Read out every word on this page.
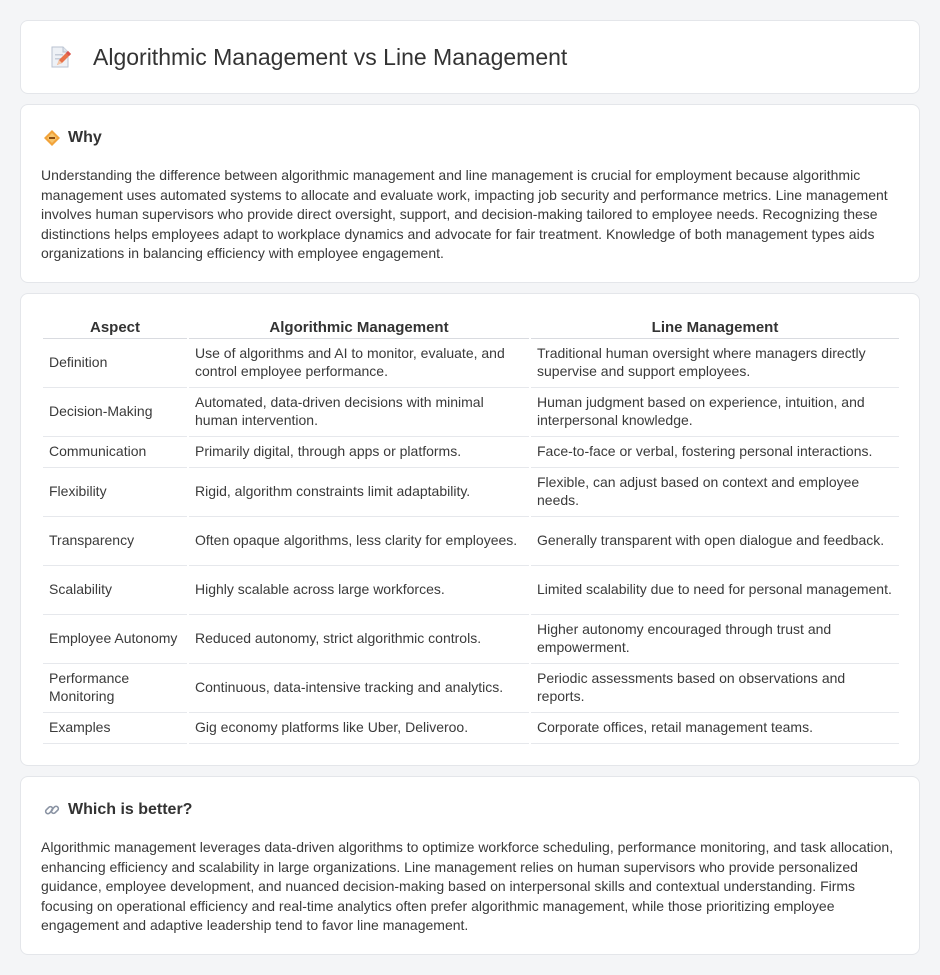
Algorithmic Management vs Line Management
Why

Understanding the difference between algorithmic management and line management is crucial for employment because algorithmic management uses automated systems to allocate and evaluate work, impacting job security and performance metrics. Line management involves human supervisors who provide direct oversight, support, and decision-making tailored to employee needs. Recognizing these distinctions helps employees adapt to workplace dynamics and advocate for fair treatment. Knowledge of both management types aids organizations in balancing efficiency with employee engagement.

Aspect	Algorithmic Management	Line Management
Definition	Use of algorithms and AI to monitor, evaluate, and control employee performance.	Traditional human oversight where managers directly supervise and support employees.
Decision-Making	Automated, data-driven decisions with minimal human intervention.	Human judgment based on experience, intuition, and interpersonal knowledge.
Communication	Primarily digital, through apps or platforms.	Face-to-face or verbal, fostering personal interactions.
Flexibility	Rigid, algorithm constraints limit adaptability.	Flexible, can adjust based on context and employee needs.
Transparency	Often opaque algorithms, less clarity for employees.	Generally transparent with open dialogue and feedback.
Scalability	Highly scalable across large workforces.	Limited scalability due to need for personal management.
Employee Autonomy	Reduced autonomy, strict algorithmic controls.	Higher autonomy encouraged through trust and empowerment.
Performance Monitoring	Continuous, data-intensive tracking and analytics.	Periodic assessments based on observations and reports.
Examples	Gig economy platforms like Uber, Deliveroo.	Corporate offices, retail management teams.
Which is better?

Algorithmic management leverages data-driven algorithms to optimize workforce scheduling, performance monitoring, and task allocation, enhancing efficiency and scalability in large organizations. Line management relies on human supervisors who provide personalized guidance, employee development, and nuanced decision-making based on interpersonal skills and contextual understanding. Firms focusing on operational efficiency and real-time analytics often prefer algorithmic management, while those prioritizing employee engagement and adaptive leadership tend to favor line management.
